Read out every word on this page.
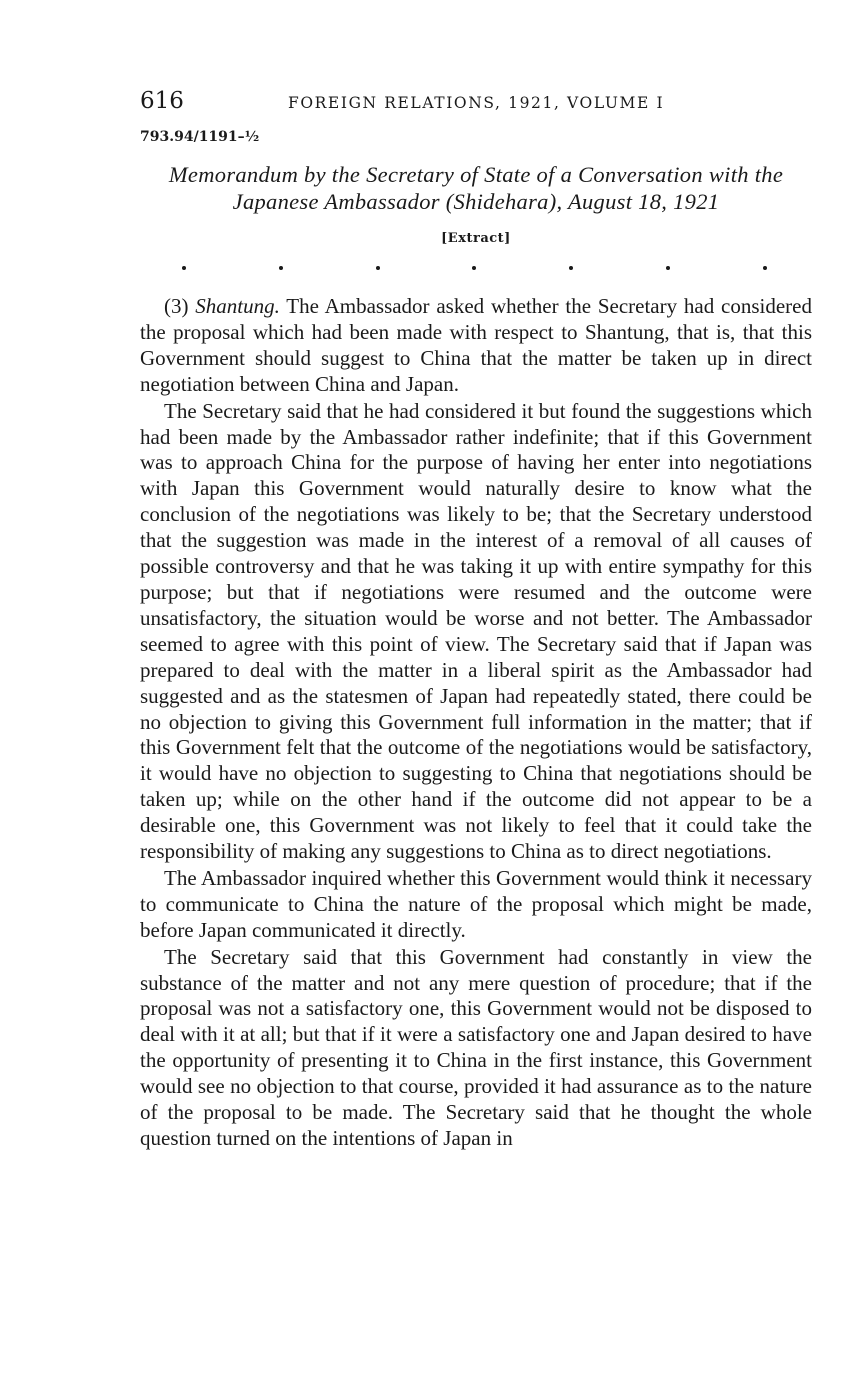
616	FOREIGN RELATIONS, 1921, VOLUME I
793.94/1191–½
Memorandum by the Secretary of State of a Conversation with the
Japanese Ambassador (Shidehara), August 18, 1921
[Extract]

(3) Shantung. The Ambassador asked whether the Secretary had considered the proposal which had been made with respect to Shantung, that is, that this Government should suggest to China that the matter be taken up in direct negotiation between China and Japan.

The Secretary said that he had considered it but found the suggestions which had been made by the Ambassador rather indefinite; that if this Government was to approach China for the purpose of having her enter into negotiations with Japan this Government would naturally desire to know what the conclusion of the negotiations was likely to be; that the Secretary understood that the suggestion was made in the interest of a removal of all causes of possible controversy and that he was taking it up with entire sympathy for this purpose; but that if negotiations were resumed and the outcome were unsatisfactory, the situation would be worse and not better. The Ambassador seemed to agree with this point of view. The Secretary said that if Japan was prepared to deal with the matter in a liberal spirit as the Ambassador had suggested and as the statesmen of Japan had repeatedly stated, there could be no objection to giving this Government full information in the matter; that if this Government felt that the outcome of the negotiations would be satisfactory, it would have no objection to suggesting to China that negotiations should be taken up; while on the other hand if the outcome did not appear to be a desirable one, this Government was not likely to feel that it could take the responsibility of making any suggestions to China as to direct negotiations.

The Ambassador inquired whether this Government would think it necessary to communicate to China the nature of the proposal which might be made, before Japan communicated it directly.

The Secretary said that this Government had constantly in view the substance of the matter and not any mere question of procedure; that if the proposal was not a satisfactory one, this Government would not be disposed to deal with it at all; but that if it were a satisfactory one and Japan desired to have the opportunity of presenting it to China in the first instance, this Government would see no objection to that course, provided it had assurance as to the nature of the proposal to be made. The Secretary said that he thought the whole question turned on the intentions of Japan in
